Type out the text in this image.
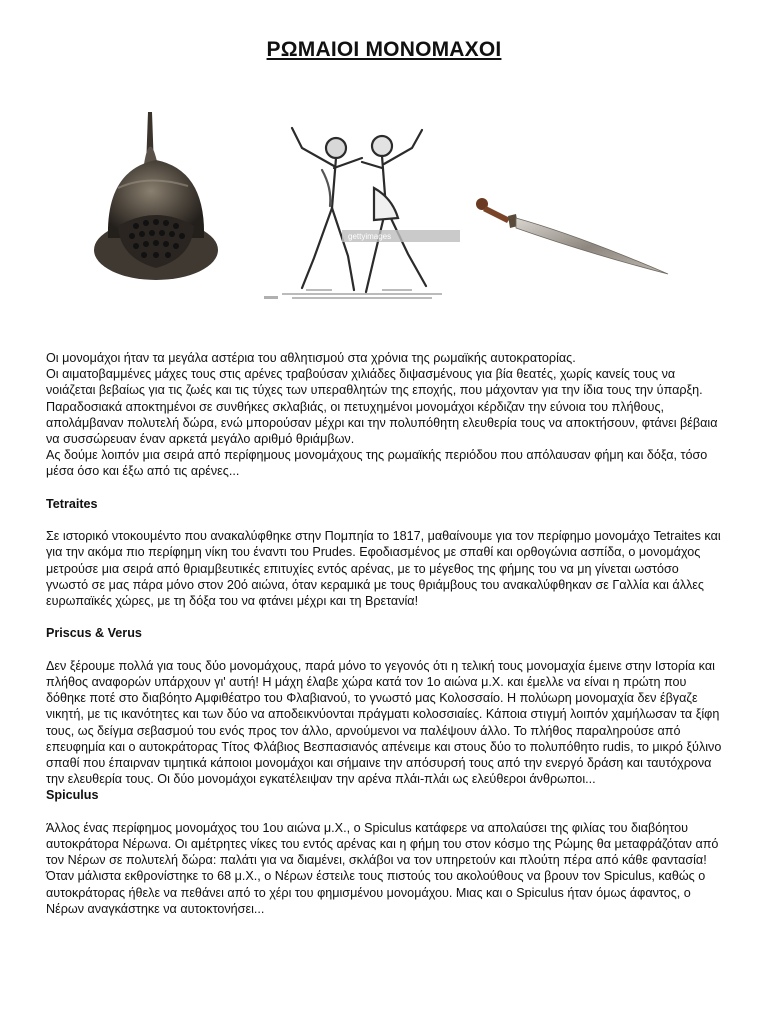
ΡΩΜΑΙΟΙ ΜΟΝΟΜΑΧΟΙ
gettyimages

Οι μονομάχοι ήταν τα μεγάλα αστέρια του αθλητισμού στα χρόνια της ρωμαϊκής αυτοκρατορίας.

Οι αιματοβαμμένες μάχες τους στις αρένες τραβούσαν χιλιάδες διψασμένους για βία θεατές, χωρίς κανείς τους να νοιάζεται βεβαίως για τις ζωές και τις τύχες των υπεραθλητών της εποχής, που μάχονταν για την ίδια τους την ύπαρξη.

Παραδοσιακά αποκτημένοι σε συνθήκες σκλαβιάς, οι πετυχημένοι μονομάχοι κέρδιζαν την εύνοια του πλήθους, απολάμβαναν πολυτελή δώρα, ενώ μπορούσαν μέχρι και την πολυπόθητη ελευθερία τους να αποκτήσουν, φτάνει βέβαια να συσσώρευαν έναν αρκετά μεγάλο αριθμό θριάμβων.

Ας δούμε λοιπόν μια σειρά από περίφημους μονομάχους της ρωμαϊκής περιόδου που απόλαυσαν φήμη και δόξα, τόσο μέσα όσο και έξω από τις αρένες...

Tetraites

Σε ιστορικό ντοκουμέντο που ανακαλύφθηκε στην Πομπηία το 1817, μαθαίνουμε για τον περίφημο μονομάχο Tetraites και για την ακόμα πιο περίφημη νίκη του έναντι του Prudes. Εφοδιασμένος με σπαθί και ορθογώνια ασπίδα, ο μονομάχος μετρούσε μια σειρά από θριαμβευτικές επιτυχίες εντός αρένας, με το μέγεθος της φήμης του να μη γίνεται ωστόσο γνωστό σε μας πάρα μόνο στον 20ό αιώνα, όταν κεραμικά με τους θριάμβους του ανακαλύφθηκαν σε Γαλλία και άλλες ευρωπαϊκές χώρες, με τη δόξα του να φτάνει μέχρι και τη Βρετανία!

Priscus & Verus

Δεν ξέρουμε πολλά για τους δύο μονομάχους, παρά μόνο το γεγονός ότι η τελική τους μονομαχία έμεινε στην Ιστορία και πλήθος αναφορών υπάρχουν γι' αυτή! Η μάχη έλαβε χώρα κατά τον 1ο αιώνα μ.Χ. και έμελλε να είναι η πρώτη που δόθηκε ποτέ στο διαβόητο Αμφιθέατρο του Φλαβιανού, το γνωστό μας Κολοσσαίο. Η πολύωρη μονομαχία δεν έβγαζε νικητή, με τις ικανότητες και των δύο να αποδεικνύονται πράγματι κολοσσιαίες. Κάποια στιγμή λοιπόν χαμήλωσαν τα ξίφη τους, ως δείγμα σεβασμού του ενός προς τον άλλο, αρνούμενοι να παλέψουν άλλο. Το πλήθος παραληρούσε από επευφημία και ο αυτοκράτορας Τίτος Φλάβιος Βεσπασιανός απένειμε και στους δύο το πολυπόθητο rudis, το μικρό ξύλινο σπαθί που έπαιρναν τιμητικά κάποιοι μονομάχοι και σήμαινε την απόσυρσή τους από την ενεργό δράση και ταυτόχρονα την ελευθερία τους. Οι δύο μονομάχοι εγκατέλειψαν την αρένα πλάι-πλάι ως ελεύθεροι άνθρωποι...

Spiculus

Άλλος ένας περίφημος μονομάχος του 1ου αιώνα μ.Χ., ο Spiculus κατάφερε να απολαύσει της φιλίας του διαβόητου αυτοκράτορα Νέρωνα. Οι αμέτρητες νίκες του εντός αρένας και η φήμη του στον κόσμο της Ρώμης θα μεταφράζόταν από τον Νέρων σε πολυτελή δώρα: παλάτι για να διαμένει, σκλάβοι να τον υπηρετούν και πλούτη πέρα από κάθε φαντασία! Όταν μάλιστα εκθρονίστηκε το 68 μ.Χ., ο Νέρων έστειλε τους πιστούς του ακολούθους να βρουν τον Spiculus, καθώς ο αυτοκράτορας ήθελε να πεθάνει από το χέρι του φημισμένου μονομάχου. Μιας και ο Spiculus ήταν όμως άφαντος, ο Νέρων αναγκάστηκε να αυτοκτονήσει...
